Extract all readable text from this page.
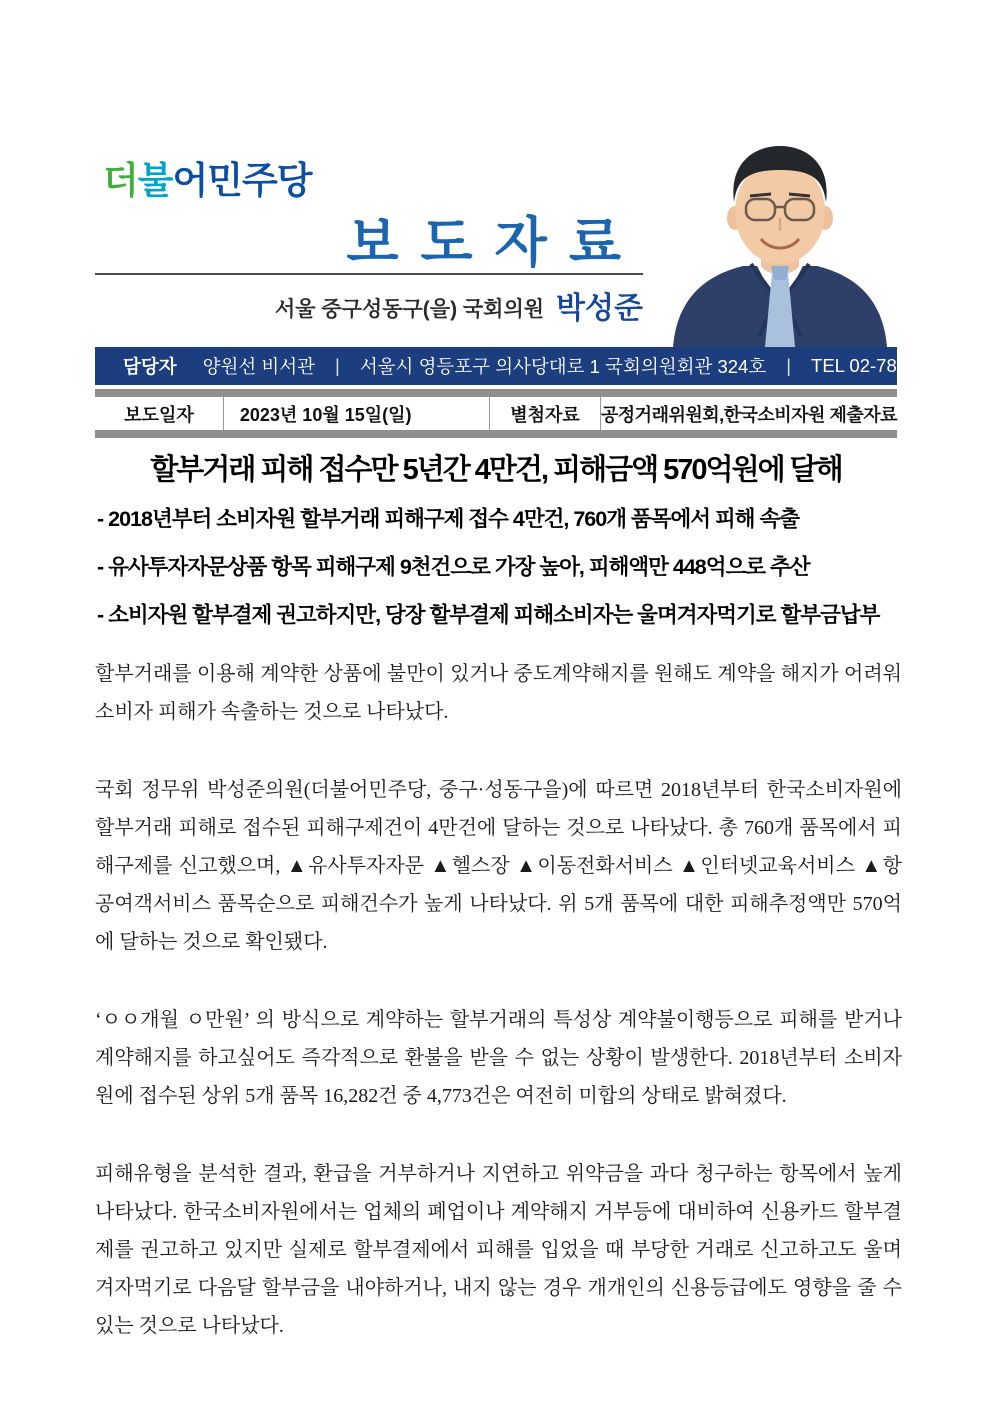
더불어민주당
보도자료
서울 중구성동구(을) 국회의원 박성준
담당자 양원선 비서관 | 서울시 영등포구 의사당대로 1 국회의원회관 324호 | TEL 02-784-8430
보도일자	2023년 10월 15일(일)	별첨자료	공정거래위원회,한국소비자원 제출자료
할부거래 피해 접수만 5년간 4만건, 피해금액 570억원에 달해
- 2018년부터 소비자원 할부거래 피해구제 접수 4만건, 760개 품목에서 피해 속출
- 유사투자자문상품 항목 피해구제 9천건으로 가장 높아, 피해액만 448억으로 추산
- 소비자원 할부결제 권고하지만, 당장 할부결제 피해소비자는 울며겨자먹기로 할부금납부

할부거래를 이용해 계약한 상품에 불만이 있거나 중도계약해지를 원해도 계약을 해지가 어려워 소비자 피해가 속출하는 것으로 나타났다.

국회 정무위 박성준의원(더불어민주당, 중구·성동구을)에 따르면 2018년부터 한국소비자원에 할부거래 피해로 접수된 피해구제건이 4만건에 달하는 것으로 나타났다. 총 760개 품목에서 피해구제를 신고했으며, ▲유사투자자문 ▲헬스장 ▲이동전화서비스 ▲인터넷교육서비스 ▲항공여객서비스 품목순으로 피해건수가 높게 나타났다. 위 5개 품목에 대한 피해추정액만 570억에 달하는 것으로 확인됐다.

‘ㅇㅇ개월 ㅇ만원’ 의 방식으로 계약하는 할부거래의 특성상 계약불이행등으로 피해를 받거나 계약해지를 하고싶어도 즉각적으로 환불을 받을 수 없는 상황이 발생한다. 2018년부터 소비자원에 접수된 상위 5개 품목 16,282건 중 4,773건은 여전히 미합의 상태로 밝혀졌다.

피해유형을 분석한 결과, 환급을 거부하거나 지연하고 위약금을 과다 청구하는 항목에서 높게 나타났다. 한국소비자원에서는 업체의 폐업이나 계약해지 거부등에 대비하여 신용카드 할부결제를 권고하고 있지만 실제로 할부결제에서 피해를 입었을 때 부당한 거래로 신고하고도 울며 겨자먹기로 다음달 할부금을 내야하거나, 내지 않는 경우 개개인의 신용등급에도 영향을 줄 수 있는 것으로 나타났다.
